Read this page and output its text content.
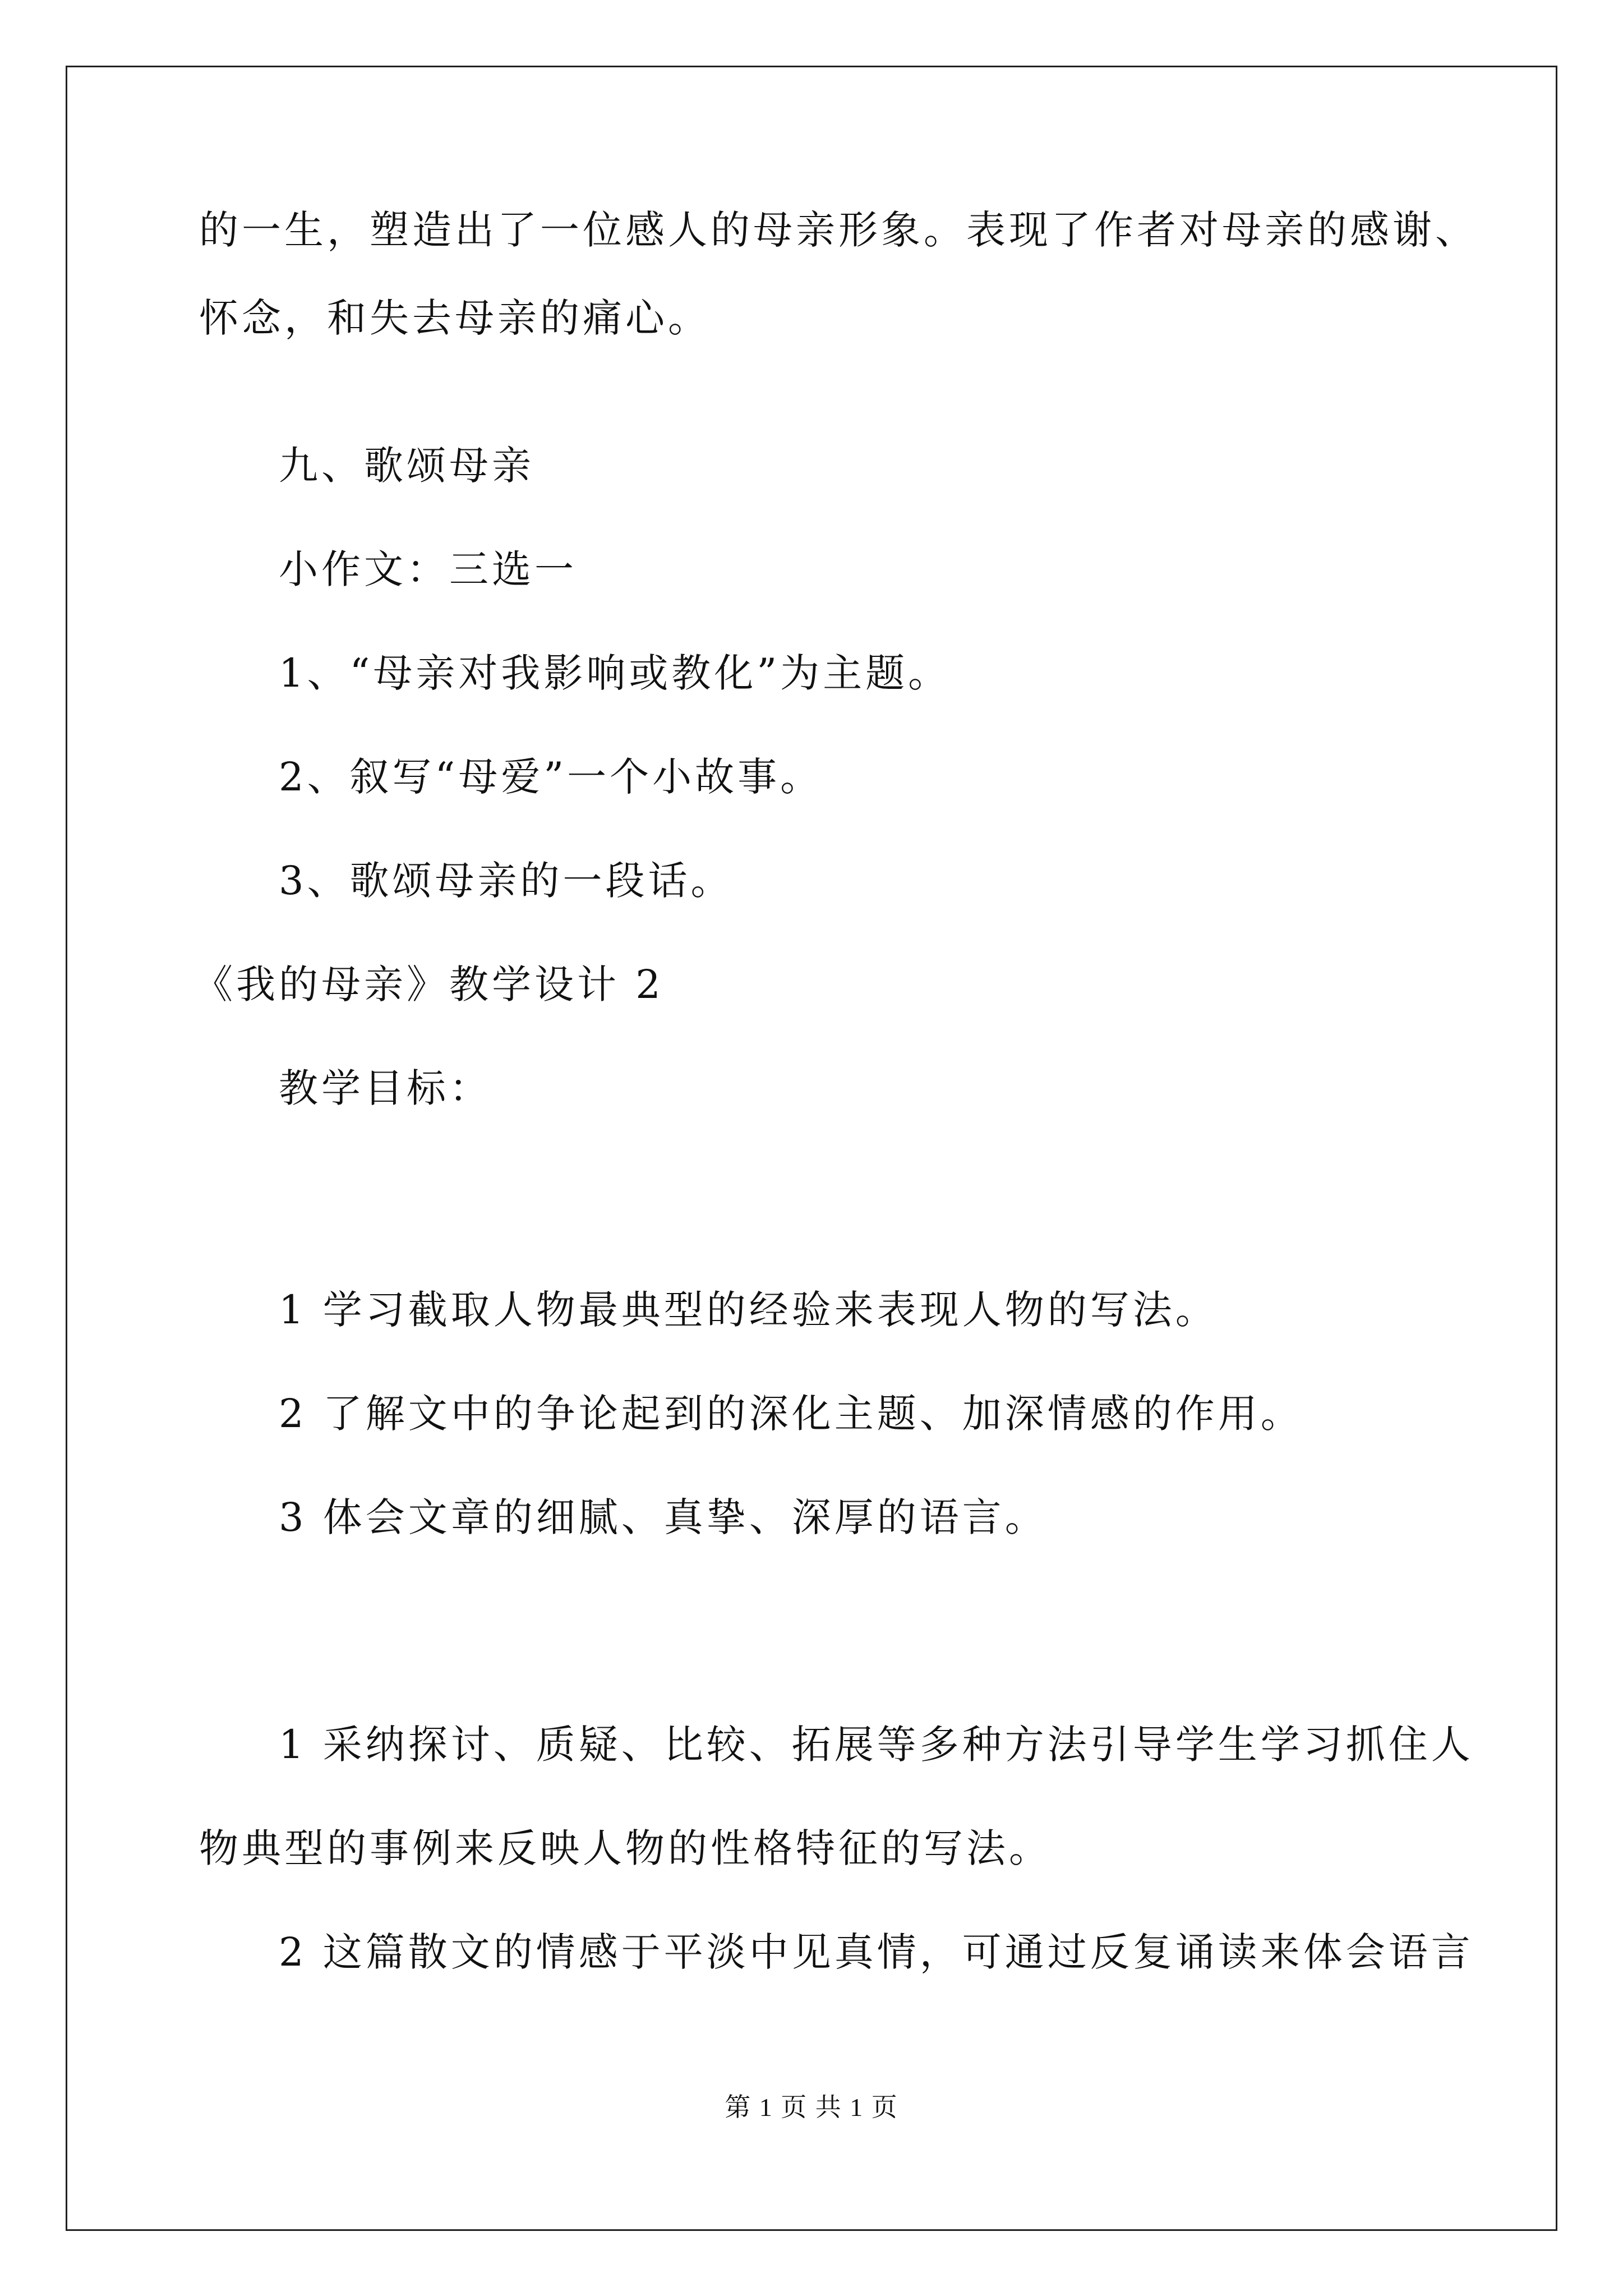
的一生，塑造出了一位感人的母亲形象。表现了作者对母亲的感谢、
怀念，和失去母亲的痛心。
九、歌颂母亲
小作文：三选一
1、“母亲对我影响或教化”为主题。
2、叙写“母爱”一个小故事。
3、歌颂母亲的一段话。
《我的母亲》教学设计 2
教学目标：
1 学习截取人物最典型的经验来表现人物的写法。
2 了解文中的争论起到的深化主题、加深情感的作用。
3 体会文章的细腻、真挚、深厚的语言。
1 采纳探讨、质疑、比较、拓展等多种方法引导学生学习抓住人
物典型的事例来反映人物的性格特征的写法。
2 这篇散文的情感于平淡中见真情，可通过反复诵读来体会语言
第 1 页 共 1 页
